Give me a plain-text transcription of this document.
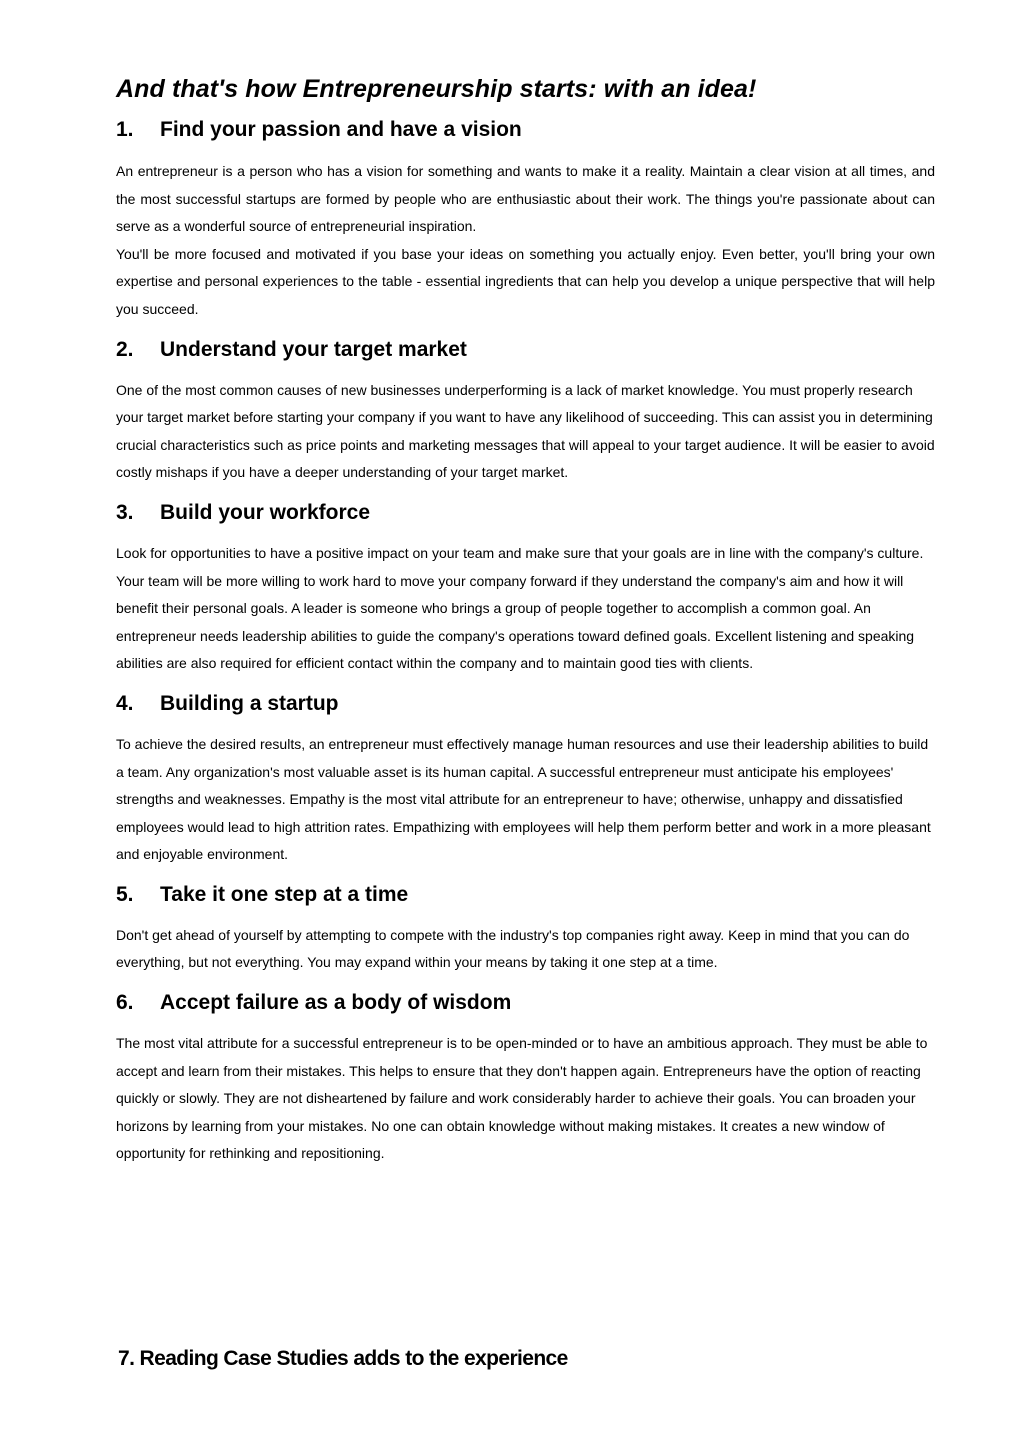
And that's how Entrepreneurship starts: with an idea!
1.	Find your passion and have a vision

An entrepreneur is a person who has a vision for something and wants to make it a reality. Maintain a clear vision at all times, and the most successful startups are formed by people who are enthusiastic about their work. The things you're passionate about can serve as a wonderful source of entrepreneurial inspiration.

You'll be more focused and motivated if you base your ideas on something you actually enjoy. Even better, you'll bring your own expertise and personal experiences to the table - essential ingredients that can help you develop a unique perspective that will help you succeed.

2.	Understand your target market

One of the most common causes of new businesses underperforming is a lack of market knowledge. You must properly research your target market before starting your company if you want to have any likelihood of succeeding. This can assist you in determining crucial characteristics such as price points and marketing messages that will appeal to your target audience. It will be easier to avoid costly mishaps if you have a deeper understanding of your target market.

3.	Build your workforce

Look for opportunities to have a positive impact on your team and make sure that your goals are in line with the company's culture. Your team will be more willing to work hard to move your company forward if they understand the company's aim and how it will benefit their personal goals. A leader is someone who brings a group of people together to accomplish a common goal. An entrepreneur needs leadership abilities to guide the company's operations toward defined goals. Excellent listening and speaking abilities are also required for efficient contact within the company and to maintain good ties with clients.

4.	Building a startup

To achieve the desired results, an entrepreneur must effectively manage human resources and use their leadership abilities to build a team. Any organization's most valuable asset is its human capital. A successful entrepreneur must anticipate his employees' strengths and weaknesses. Empathy is the most vital attribute for an entrepreneur to have; otherwise, unhappy and dissatisfied employees would lead to high attrition rates. Empathizing with employees will help them perform better and work in a more pleasant and enjoyable environment.

5.	Take it one step at a time

Don't get ahead of yourself by attempting to compete with the industry's top companies right away. Keep in mind that you can do everything, but not everything. You may expand within your means by taking it one step at a time.

6.	Accept failure as a body of wisdom

The most vital attribute for a successful entrepreneur is to be open-minded or to have an ambitious approach. They must be able to accept and learn from their mistakes. This helps to ensure that they don't happen again. Entrepreneurs have the option of reacting quickly or slowly. They are not disheartened by failure and work considerably harder to achieve their goals. You can broaden your horizons by learning from your mistakes. No one can obtain knowledge without making mistakes. It creates a new window of opportunity for rethinking and repositioning.

7. Reading Case Studies adds to the experience
